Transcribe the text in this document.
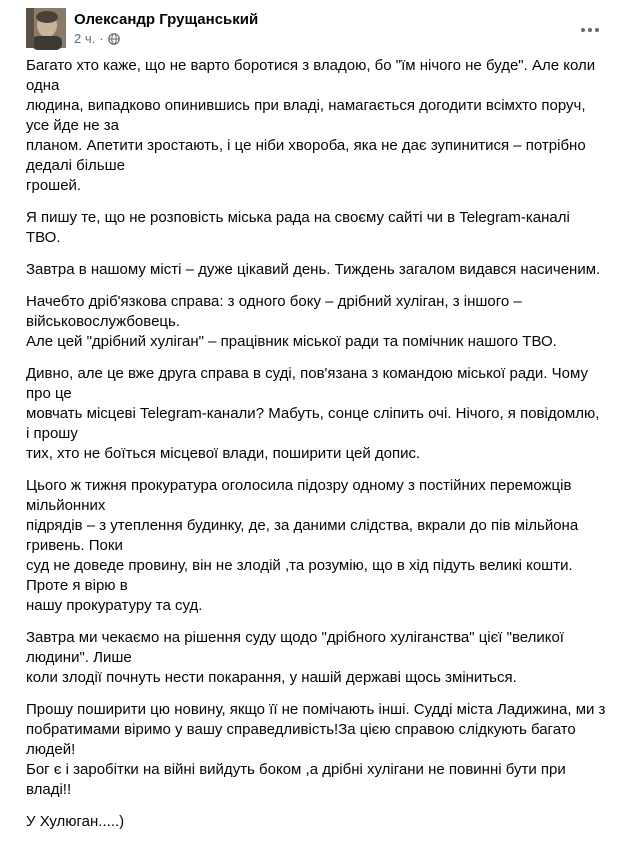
Олександр Грущанський
2 ч. ·

Багато хто каже, що не варто боротися з владою, бо "їм нічого не буде". Але коли одна
людина, випадково опинившись при владі, намагається догодити всімхто поруч, усе йде не за
планом. Апетити зростають, і це ніби хвороба, яка не дає зупинитися – потрібно дедалі більше
грошей.

Я пишу те, що не розповість міська рада на своєму сайті чи в Telegram-каналі ТВО.

Завтра в нашому місті – дуже цікавий день. Тиждень загалом видався насиченим.

Начебто дріб'язкова справа: з одного боку – дрібний хуліган, з іншого – військовослужбовець.
Але цей "дрібний хуліган" – працівник міської ради та помічник нашого ТВО.

Дивно, але це вже друга справа в суді, пов'язана з командою міської ради. Чому про це
мовчать місцеві Telegram-канали? Мабуть, сонце сліпить очі. Нічого, я повідомлю, і прошу
тих, хто не боїться місцевої влади, поширити цей допис.

Цього ж тижня прокуратура оголосила підозру одному з постійних переможців мільйонних
підрядів – з утеплення будинку, де, за даними слідства, вкрали до пів мільйона гривень. Поки
суд не доведе провину, він не злодій ,та розумію, що в хід підуть великі кошти. Проте я вірю в
нашу прокуратуру та суд.

Завтра ми чекаємо на рішення суду щодо "дрібного хуліганства" цієї "великої людини". Лише
коли злодії почнуть нести покарання, у нашій державі щось зміниться.

Прошу поширити цю новину, якщо її не помічають інші. Судді міста Ладижина, ми з
побратимами віримо у вашу справедливість!За цією справою слідкують багато людей!
Бог є і заробітки на війні вийдуть боком ,а дрібні хулігани не повинні бути при владі!!

У Хулюган.....)
